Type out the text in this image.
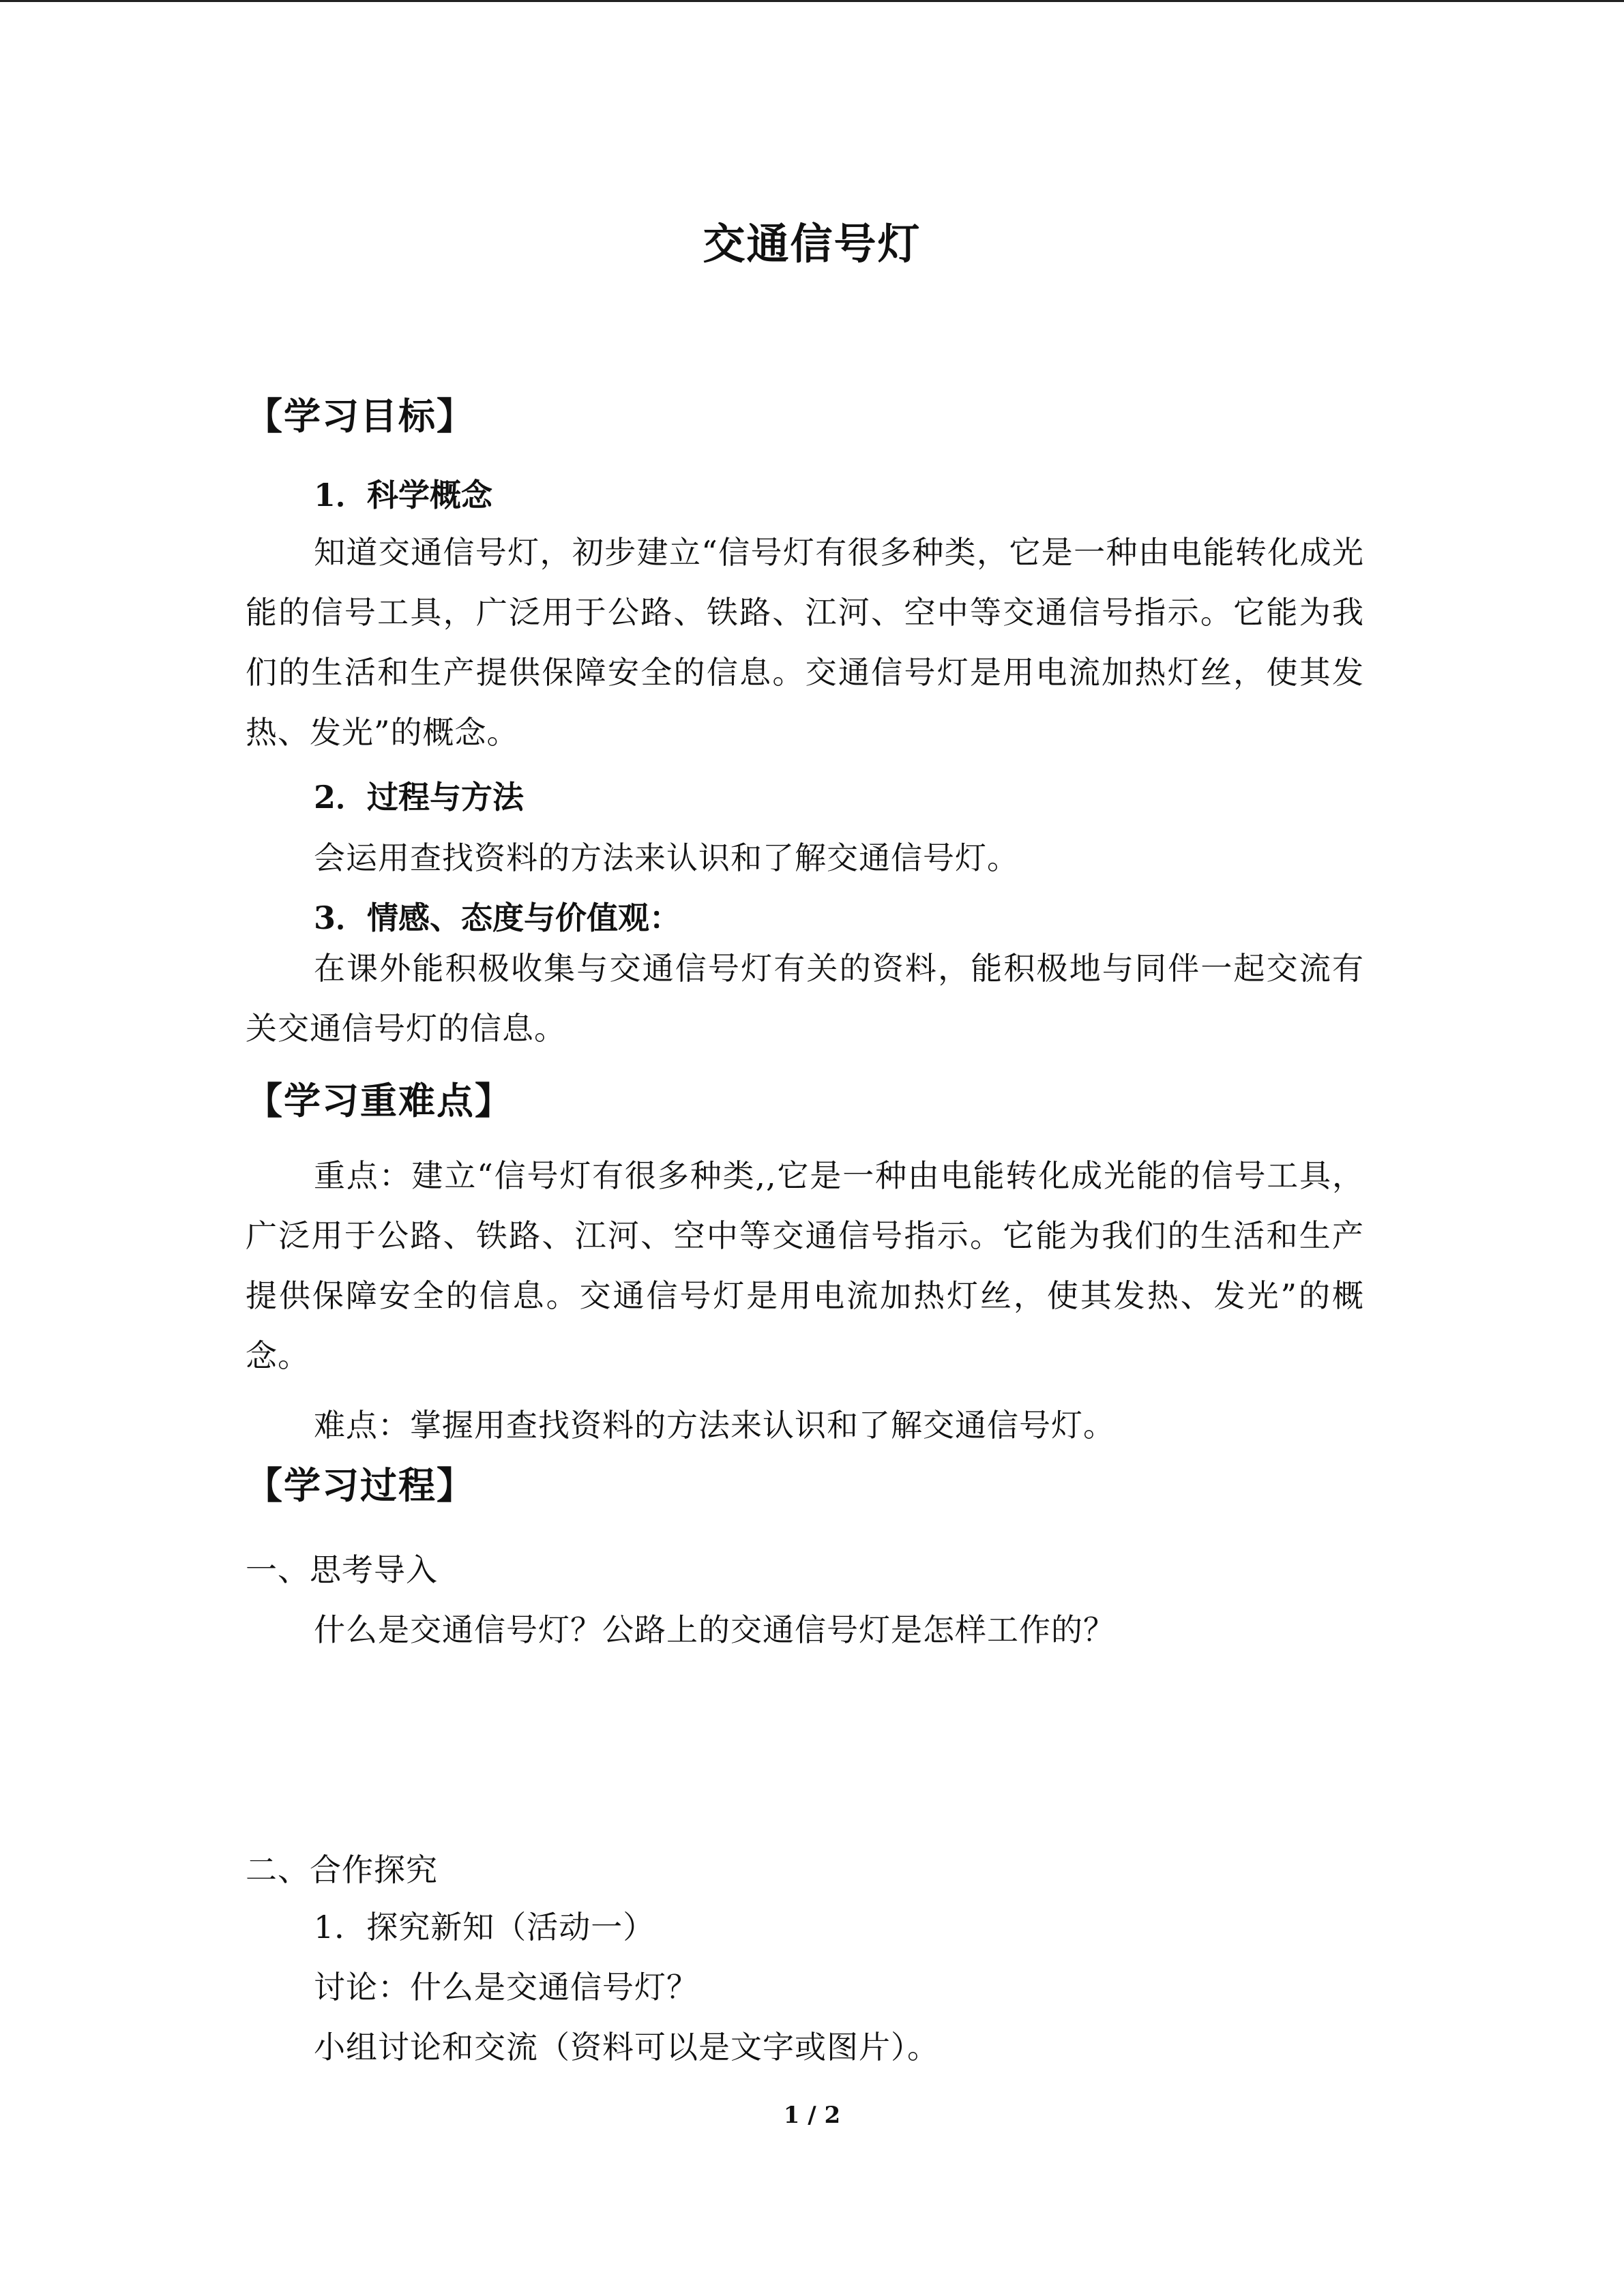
交通信号灯
【学习目标】
1．科学概念

知道交通信号灯，初步建立“信号灯有很多种类，它是一种由电能转化成光能的信号工具，广泛用于公路、铁路、江河、空中等交通信号指示。它能为我们的生活和生产提供保障安全的信息。交通信号灯是用电流加热灯丝，使其发热、发光”的概念。

2．过程与方法
会运用查找资料的方法来认识和了解交通信号灯。
3．情感、态度与价值观：

在课外能积极收集与交通信号灯有关的资料，能积极地与同伴一起交流有关交通信号灯的信息。

【学习重难点】

重点：建立“信号灯有很多种类,,它是一种由电能转化成光能的信号工具，广泛用于公路、铁路、江河、空中等交通信号指示。它能为我们的生活和生产提供保障安全的信息。交通信号灯是用电流加热灯丝，使其发热、发光”的概念。

难点：掌握用查找资料的方法来认识和了解交通信号灯。
【学习过程】
一、思考导入
什么是交通信号灯？公路上的交通信号灯是怎样工作的？
二、合作探究
1．探究新知（活动一）
讨论：什么是交通信号灯？
小组讨论和交流（资料可以是文字或图片）。
1 / 2
